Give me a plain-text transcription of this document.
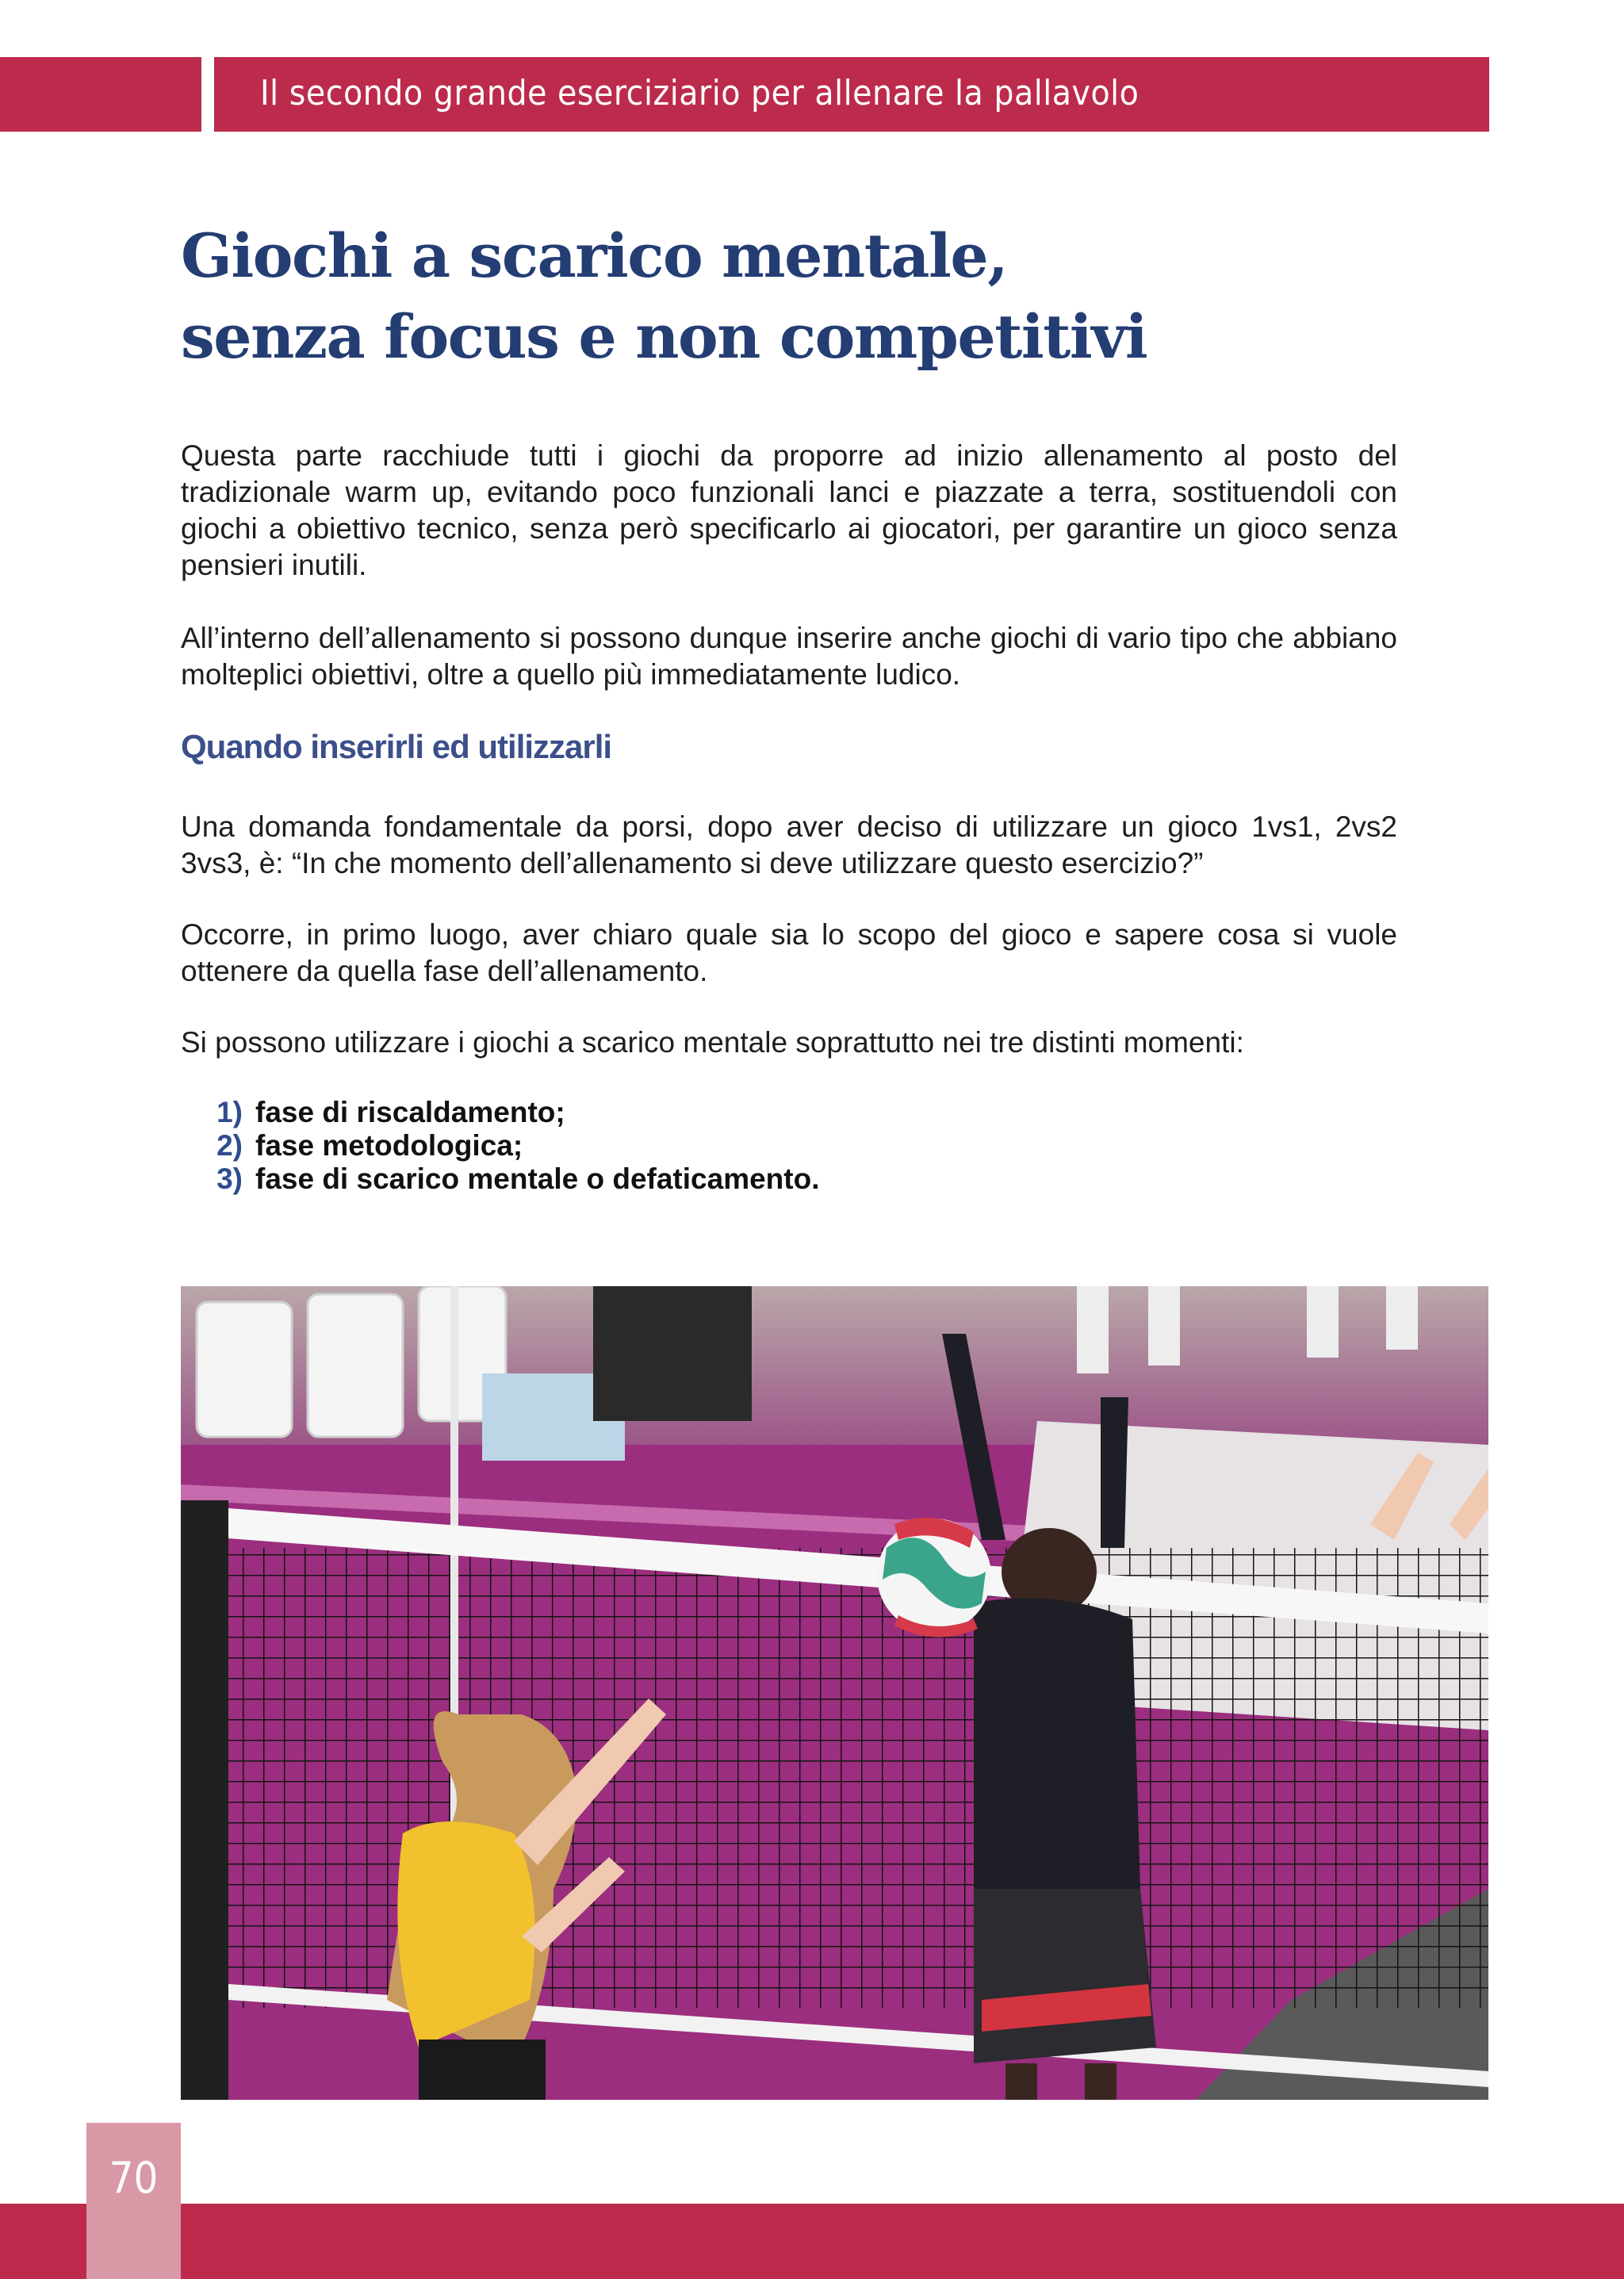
Il secondo grande eserciziario per allenare la pallavolo
Giochi a scarico mentale,
senza focus e non competitivi

Questa parte racchiude tutti i giochi da proporre ad inizio allenamento al posto del tradizionale warm up, evitando poco funzionali lanci e piazzate a terra, sostituendoli con giochi a obiettivo tecnico, senza però specificarlo ai giocatori, per garantire un gioco senza pensieri inutili.

All’interno dell’allenamento si possono dunque inserire anche giochi di vario tipo che abbiano molteplici obiettivi, oltre a quello più immediatamente ludico.

Quando inserirli ed utilizzarli

Una domanda fondamentale da porsi, dopo aver deciso di utilizzare un gioco 1vs1, 2vs2 3vs3, è: “In che momento dell’allenamento si deve utilizzare questo esercizio?”

Occorre, in primo luogo, aver chiaro quale sia lo scopo del gioco e sapere cosa si vuole ottenere da quella fase dell’allenamento.

Si possono utilizzare i giochi a scarico mentale soprattutto nei tre distinti momenti:

1) fase di riscaldamento;
2) fase metodologica;
3) fase di scarico mentale o defaticamento.
70
